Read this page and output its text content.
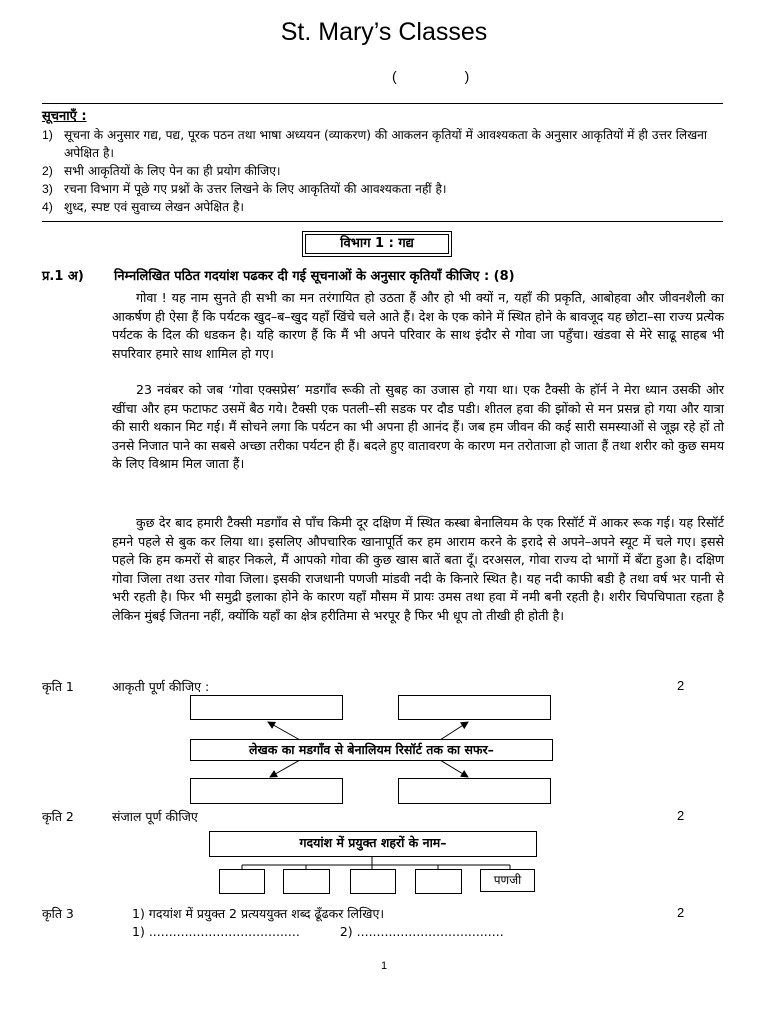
St. Mary’s Classes
(	)
सूचनाएँ :
1) सूचना के अनुसार गद्य, पद्य, पूरक पठन तथा भाषा अध्ययन (व्याकरण) की आकलन कृतियों में आवश्यकता के अनुसार आकृतियों में ही उत्तर लिखना अपेक्षित है।
2) सभी आकृतियों के लिए पेन का ही प्रयोग कीजिए।
3) रचना विभाग में पूछे गए प्रश्नों के उत्तर लिखने के लिए आकृतियों की आवश्यकता नहीं है।
4) शुध्द, स्पष्ट एवं सुवाच्य लेखन अपेक्षित है।
विभाग 1 : गद्य
प्र.1 अ)	निम्नलिखित पठित गदयांश पढकर दी गई सूचनाओं के अनुसार कृतियाँ कीजिए : (8)
गोवा ! यह नाम सुनते ही सभी का मन तरंगायित हो उठता हैं और हो भी क्यों न, यहाँ की प्रकृति, आबोहवा और जीवनशैली का आकर्षण ही ऐसा हैं कि पर्यटक खुद–ब–खुद यहाँ खिंचे चले आते हैं। देश के एक कोने में स्थित होने के बावजूद यह छोटा–सा राज्य प्रत्येक पर्यटक के दिल की धडकन है। यहि कारण हैं कि मैं भी अपने परिवार के साथ इंदौर से गोवा जा पहुँचा। खंडवा से मेरे साढू साहब भी सपरिवार हमारे साथ शामिल हो गए।
23 नवंबर को जब ‘गोवा एक्सप्रेस’ मडगाँव रूकी तो सुबह का उजास हो गया था। एक टैक्सी के हॉर्न ने मेरा ध्यान उसकी ओर खींचा और हम फटाफट उसमें बैठ गये। टैक्सी एक पतली–सी सडक पर दौड पडी। शीतल हवा की झोंको से मन प्रसन्न हो गया और यात्रा की सारी थकान मिट गई। मैं सोचने लगा कि पर्यटन का भी अपना ही आनंद हैं। जब हम जीवन की कई सारी समस्याओं से जूझ रहे हों तो उनसे निजात पाने का सबसे अच्छा तरीका पर्यटन ही हैं। बदले हुए वातावरण के कारण मन तरोताजा हो जाता हैं तथा शरीर को कुछ समय के लिए विश्राम मिल जाता हैं।
कुछ देर बाद हमारी टैक्सी मडगाँव से पाँच किमी दूर दक्षिण में स्थित कस्बा बेनालियम के एक रिसॉर्ट में आकर रूक गई। यह रिसॉर्ट हमने पहले से बुक कर लिया था। इसलिए औपचारिक खानापूर्ति कर हम आराम करने के इरादे से अपने–अपने स्यूट में चले गए। इससे पहले कि हम कमरों से बाहर निकले, मैं आपको गोवा की कुछ खास बातें बता दूँ। दरअसल, गोवा राज्य दो भागों में बँटा हुआ है। दक्षिण गोवा जिला तथा उत्तर गोवा जिला। इसकी राजधानी पणजी मांडवी नदी के किनारे स्थित है। यह नदी काफी बडी है तथा वर्ष भर पानी से भरी रहती है। फिर भी समुद्री इलाका होने के कारण यहाँ मौसम में प्रायः उमस तथा हवा में नमी बनी रहती है। शरीर चिपचिपाता रहता है लेकिन मुंबई जितना नहीं, क्योंकि यहाँ का क्षेत्र हरीतिमा से भरपूर है फिर भी धूप तो तीखी ही होती है।
कृति 1	आकृती पूर्ण कीजिए :	2
लेखक का मडगाँव से बेनालियम रिसॉर्ट तक का सफर–
कृति 2	संजाल पूर्ण कीजिए	2
गदयांश में प्रयुक्त शहरों के नाम–
पणजी
कृति 3	1) गदयांश में प्रयुक्त 2 प्रत्यययुक्त शब्द ढूँढकर लिखिए।	2
1) ......................................	2) .....................................
1
